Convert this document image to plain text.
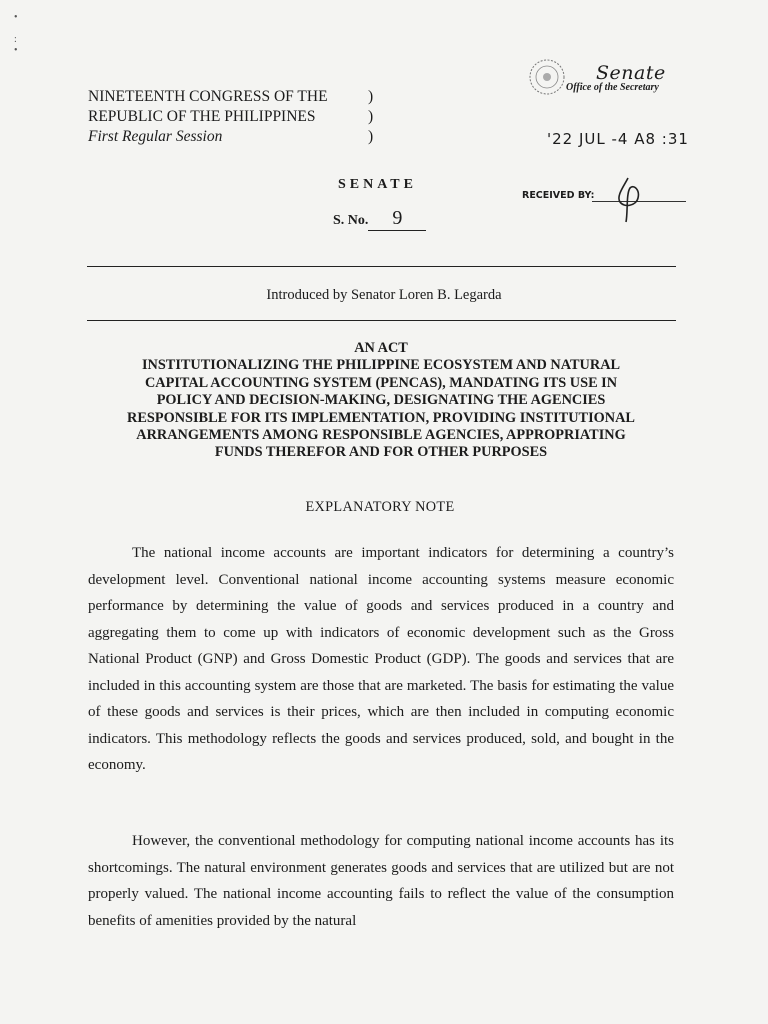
•

:
•
NINETEENTH CONGRESS OF THE
REPUBLIC OF THE PHILIPPINES
First Regular Session
)
)
)
Senate
Office of the Secretary
'22 JUL -4 A8 :31
RECEIVED BY:
SENATE
S. No. 9
Introduced by Senator Loren B. Legarda
AN ACT
INSTITUTIONALIZING THE PHILIPPINE ECOSYSTEM AND NATURAL
CAPITAL ACCOUNTING SYSTEM (PENCAS), MANDATING ITS USE IN
POLICY AND DECISION-MAKING, DESIGNATING THE AGENCIES
RESPONSIBLE FOR ITS IMPLEMENTATION, PROVIDING INSTITUTIONAL
ARRANGEMENTS AMONG RESPONSIBLE AGENCIES, APPROPRIATING
FUNDS THEREFOR AND FOR OTHER PURPOSES
EXPLANATORY NOTE

The national income accounts are important indicators for determining a country’s development level. Conventional national income accounting systems measure economic performance by determining the value of goods and services produced in a country and aggregating them to come up with indicators of economic development such as the Gross National Product (GNP) and Gross Domestic Product (GDP). The goods and services that are included in this accounting system are those that are marketed. The basis for estimating the value of these goods and services is their prices, which are then included in computing economic indicators. This methodology reflects the goods and services produced, sold, and bought in the economy.

However, the conventional methodology for computing national income accounts has its shortcomings. The natural environment generates goods and services that are utilized but are not properly valued. The national income accounting fails to reflect the value of the consumption benefits of amenities provided by the natural
